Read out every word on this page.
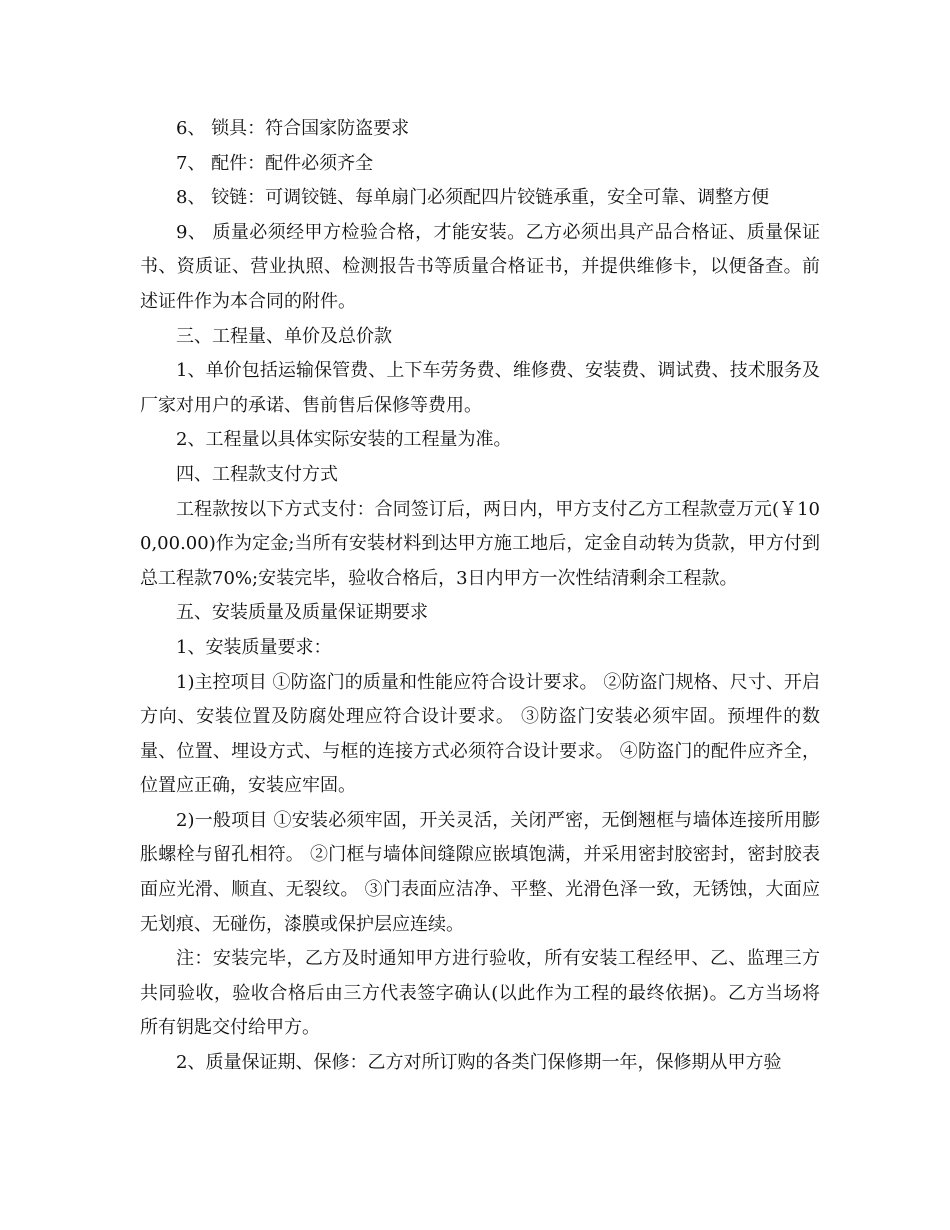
6、 锁具：符合国家防盗要求

7、 配件：配件必须齐全

8、 铰链：可调铰链、每单扇门必须配四片铰链承重，安全可靠、调整方便

9、 质量必须经甲方检验合格，才能安装。乙方必须出具产品合格证、质量保证书、资质证、营业执照、检测报告书等质量合格证书，并提供维修卡，以便备查。前述证件作为本合同的附件。

三、工程量、单价及总价款

1、单价包括运输保管费、上下车劳务费、维修费、安装费、调试费、技术服务及厂家对用户的承诺、售前售后保修等费用。

2、工程量以具体实际安装的工程量为准。

四、工程款支付方式

工程款按以下方式支付：合同签订后，两日内，甲方支付乙方工程款壹万元(￥100,00.00)作为定金;当所有安装材料到达甲方施工地后，定金自动转为货款，甲方付到总工程款70%;安装完毕，验收合格后，3日内甲方一次性结清剩余工程款。

五、安装质量及质量保证期要求

1、安装质量要求：

1)主控项目 ①防盗门的质量和性能应符合设计要求。 ②防盗门规格、尺寸、开启方向、安装位置及防腐处理应符合设计要求。 ③防盗门安装必须牢固。预埋件的数量、位置、埋设方式、与框的连接方式必须符合设计要求。 ④防盗门的配件应齐全，位置应正确，安装应牢固。

2)一般项目 ①安装必须牢固，开关灵活，关闭严密，无倒翘框与墙体连接所用膨胀螺栓与留孔相符。 ②门框与墙体间缝隙应嵌填饱满，并采用密封胶密封，密封胶表面应光滑、顺直、无裂纹。 ③门表面应洁净、平整、光滑色泽一致，无锈蚀，大面应无划痕、无碰伤，漆膜或保护层应连续。

注：安装完毕，乙方及时通知甲方进行验收，所有安装工程经甲、乙、监理三方共同验收，验收合格后由三方代表签字确认(以此作为工程的最终依据)。乙方当场将所有钥匙交付给甲方。

2、质量保证期、保修：乙方对所订购的各类门保修期一年，保修期从甲方验
